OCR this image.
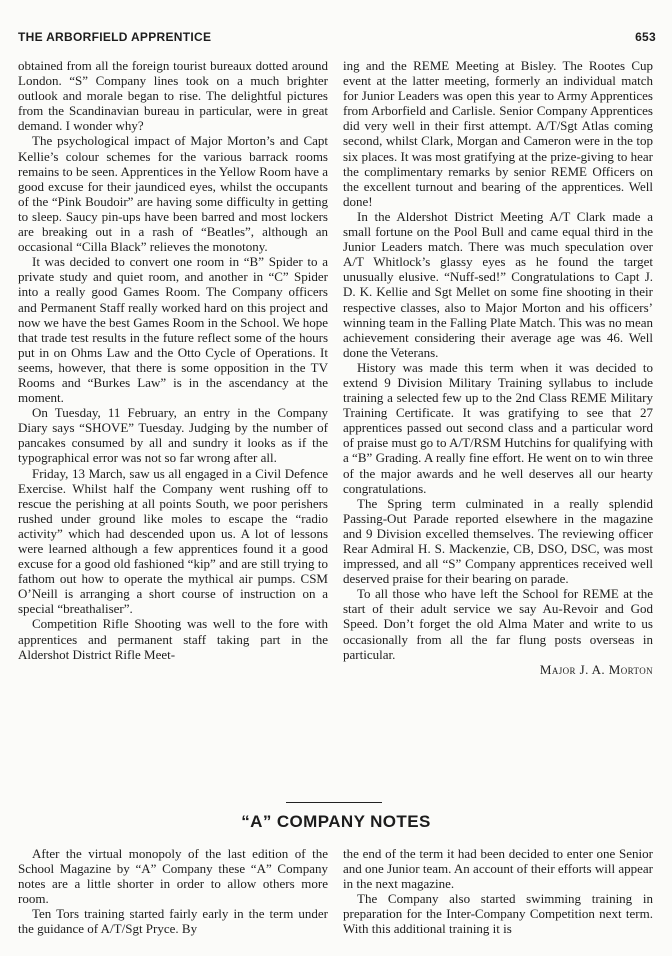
THE ARBORFIELD APPRENTICE	653

obtained from all the foreign tourist bureaux dotted around London. “S” Company lines took on a much brighter outlook and morale began to rise. The delightful pictures from the Scandinavian bureau in particular, were in great demand. I wonder why?

The psychological impact of Major Morton’s and Capt Kellie’s colour schemes for the various barrack rooms remains to be seen. Apprentices in the Yellow Room have a good excuse for their jaundiced eyes, whilst the occupants of the “Pink Boudoir” are having some difficulty in getting to sleep. Saucy pin-ups have been barred and most lockers are breaking out in a rash of “Beatles”, although an occasional “Cilla Black” relieves the monotony.

It was decided to convert one room in “B” Spider to a private study and quiet room, and another in “C” Spider into a really good Games Room. The Company officers and Permanent Staff really worked hard on this project and now we have the best Games Room in the School. We hope that trade test results in the future reflect some of the hours put in on Ohms Law and the Otto Cycle of Operations. It seems, however, that there is some opposition in the TV Rooms and “Burkes Law” is in the ascendancy at the moment.

On Tuesday, 11 February, an entry in the Company Diary says “SHOVE” Tuesday. Judging by the number of pancakes consumed by all and sundry it looks as if the typographical error was not so far wrong after all.

Friday, 13 March, saw us all engaged in a Civil Defence Exercise. Whilst half the Company went rushing off to rescue the perishing at all points South, we poor perishers rushed under ground like moles to escape the “radio activity” which had descended upon us. A lot of lessons were learned although a few apprentices found it a good excuse for a good old fashioned “kip” and are still trying to fathom out how to operate the mythical air pumps. CSM O’Neill is arranging a short course of instruction on a special “breathaliser”.

Competition Rifle Shooting was well to the fore with apprentices and permanent staff taking part in the Aldershot District Rifle Meet-

ing and the REME Meeting at Bisley. The Rootes Cup event at the latter meeting, formerly an individual match for Junior Leaders was open this year to Army Apprentices from Arborfield and Carlisle. Senior Company Apprentices did very well in their first attempt. A/T/Sgt Atlas coming second, whilst Clark, Morgan and Cameron were in the top six places. It was most gratifying at the prize-giving to hear the complimentary remarks by senior REME Officers on the excellent turnout and bearing of the apprentices. Well done!

In the Aldershot District Meeting A/T Clark made a small fortune on the Pool Bull and came equal third in the Junior Leaders match. There was much speculation over A/T Whitlock’s glassy eyes as he found the target unusually elusive. “Nuff-sed!” Congratulations to Capt J. D. K. Kellie and Sgt Mellet on some fine shooting in their respective classes, also to Major Morton and his officers’ winning team in the Falling Plate Match. This was no mean achievement considering their average age was 46. Well done the Veterans.

History was made this term when it was decided to extend 9 Division Military Training syllabus to include training a selected few up to the 2nd Class REME Military Training Certificate. It was gratifying to see that 27 apprentices passed out second class and a particular word of praise must go to A/T/RSM Hutchins for qualifying with a “B” Grading. A really fine effort. He went on to win three of the major awards and he well deserves all our hearty congratulations.

The Spring term culminated in a really splendid Passing-Out Parade reported elsewhere in the magazine and 9 Division excelled themselves. The reviewing officer Rear Admiral H. S. Mackenzie, CB, DSO, DSC, was most impressed, and all “S” Company apprentices received well deserved praise for their bearing on parade.

To all those who have left the School for REME at the start of their adult service we say Au-Revoir and God Speed. Don’t forget the old Alma Mater and write to us occasionally from all the far flung posts overseas in particular.

Major J. A. Morton

“A” COMPANY NOTES

After the virtual monopoly of the last edition of the School Magazine by “A” Company these “A” Company notes are a little shorter in order to allow others more room.

Ten Tors training started fairly early in the term under the guidance of A/T/Sgt Pryce. By

the end of the term it had been decided to enter one Senior and one Junior team. An account of their efforts will appear in the next magazine.

The Company also started swimming training in preparation for the Inter-Company Competition next term. With this additional training it is
